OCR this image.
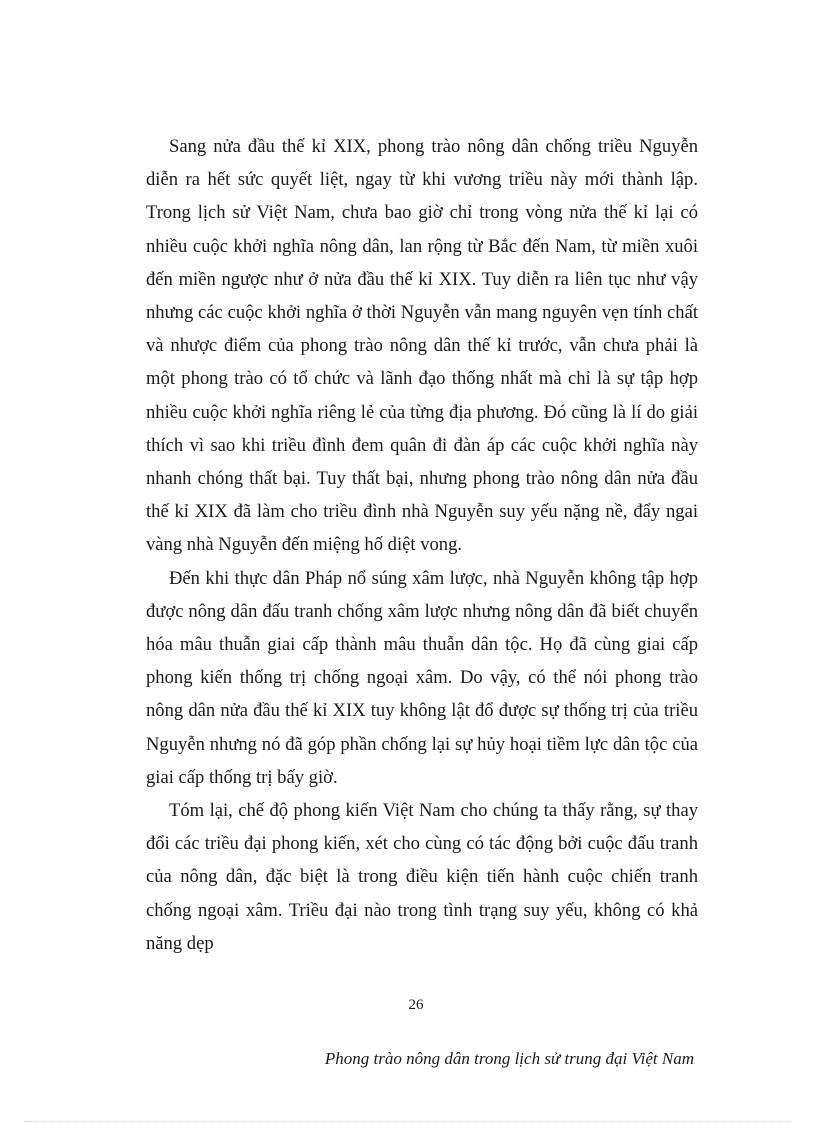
Sang nửa đầu thế kỉ XIX, phong trào nông dân chống triều Nguyễn diễn ra hết sức quyết liệt, ngay từ khi vương triều này mới thành lập. Trong lịch sử Việt Nam, chưa bao giờ chỉ trong vòng nửa thế kỉ lại có nhiều cuộc khởi nghĩa nông dân, lan rộng từ Bắc đến Nam, từ miền xuôi đến miền ngược như ở nửa đầu thế kỉ XIX. Tuy diễn ra liên tục như vậy nhưng các cuộc khởi nghĩa ở thời Nguyễn vẫn mang nguyên vẹn tính chất và nhược điểm của phong trào nông dân thế kỉ trước, vẫn chưa phải là một phong trào có tổ chức và lãnh đạo thống nhất mà chỉ là sự tập hợp nhiều cuộc khởi nghĩa riêng lẻ của từng địa phương. Đó cũng là lí do giải thích vì sao khi triều đình đem quân đi đàn áp các cuộc khởi nghĩa này nhanh chóng thất bại. Tuy thất bại, nhưng phong trào nông dân nửa đầu thế kỉ XIX đã làm cho triều đình nhà Nguyễn suy yếu nặng nề, đẩy ngai vàng nhà Nguyễn đến miệng hố diệt vong.

Đến khi thực dân Pháp nổ súng xâm lược, nhà Nguyễn không tập hợp được nông dân đấu tranh chống xâm lược nhưng nông dân đã biết chuyển hóa mâu thuẫn giai cấp thành mâu thuẫn dân tộc. Họ đã cùng giai cấp phong kiến thống trị chống ngoại xâm. Do vậy, có thể nói phong trào nông dân nửa đầu thế kỉ XIX tuy không lật đổ được sự thống trị của triều Nguyễn nhưng nó đã góp phần chống lại sự hủy hoại tiềm lực dân tộc của giai cấp thống trị bấy giờ.

Tóm lại, chế độ phong kiến Việt Nam cho chúng ta thấy rằng, sự thay đổi các triều đại phong kiến, xét cho cùng có tác động bởi cuộc đấu tranh của nông dân, đặc biệt là trong điều kiện tiến hành cuộc chiến tranh chống ngoại xâm. Triều đại nào trong tình trạng suy yếu, không có khả năng dẹp

26
Phong trào nông dân trong lịch sử trung đại Việt Nam
